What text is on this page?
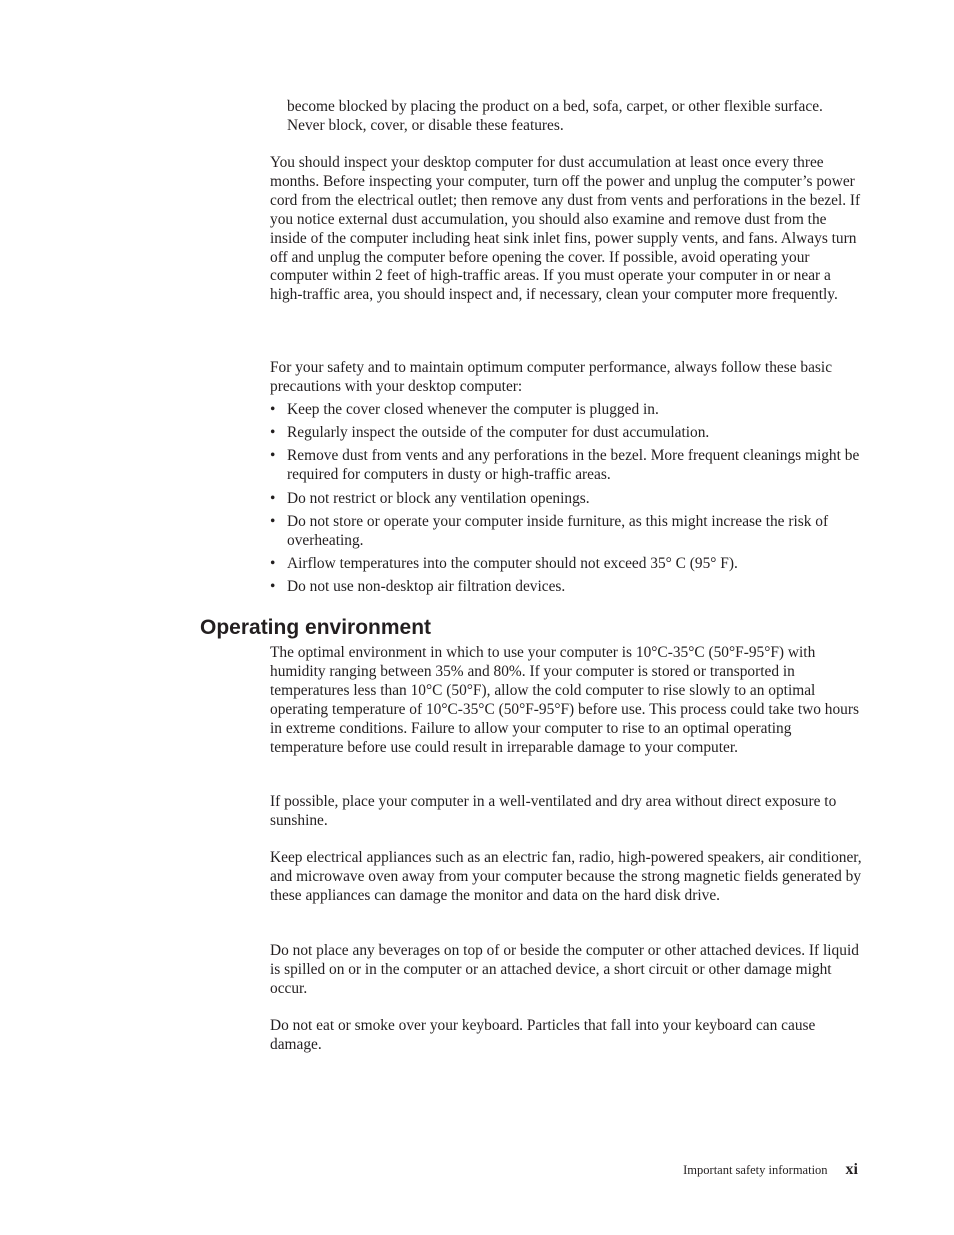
become blocked by placing the product on a bed, sofa, carpet, or other flexible surface. Never block, cover, or disable these features.

You should inspect your desktop computer for dust accumulation at least once every three months. Before inspecting your computer, turn off the power and unplug the computer’s power cord from the electrical outlet; then remove any dust from vents and perforations in the bezel. If you notice external dust accumulation, you should also examine and remove dust from the inside of the computer including heat sink inlet fins, power supply vents, and fans. Always turn off and unplug the computer before opening the cover. If possible, avoid operating your computer within 2 feet of high-traffic areas. If you must operate your computer in or near a high-traffic area, you should inspect and, if necessary, clean your computer more frequently.

For your safety and to maintain optimum computer performance, always follow these basic precautions with your desktop computer:

• Keep the cover closed whenever the computer is plugged in.
• Regularly inspect the outside of the computer for dust accumulation.
• Remove dust from vents and any perforations in the bezel. More frequent cleanings might be required for computers in dusty or high-traffic areas.
• Do not restrict or block any ventilation openings.
• Do not store or operate your computer inside furniture, as this might increase the risk of overheating.
• Airflow temperatures into the computer should not exceed 35° C (95° F).
• Do not use non-desktop air filtration devices.
Operating environment

The optimal environment in which to use your computer is 10°C-35°C (50°F-95°F) with humidity ranging between 35% and 80%. If your computer is stored or transported in temperatures less than 10°C (50°F), allow the cold computer to rise slowly to an optimal operating temperature of 10°C-35°C (50°F-95°F) before use. This process could take two hours in extreme conditions. Failure to allow your computer to rise to an optimal operating temperature before use could result in irreparable damage to your computer.

If possible, place your computer in a well-ventilated and dry area without direct exposure to sunshine.

Keep electrical appliances such as an electric fan, radio, high-powered speakers, air conditioner, and microwave oven away from your computer because the strong magnetic fields generated by these appliances can damage the monitor and data on the hard disk drive.

Do not place any beverages on top of or beside the computer or other attached devices. If liquid is spilled on or in the computer or an attached device, a short circuit or other damage might occur.

Do not eat or smoke over your keyboard. Particles that fall into your keyboard can cause damage.

Important safety information xi
